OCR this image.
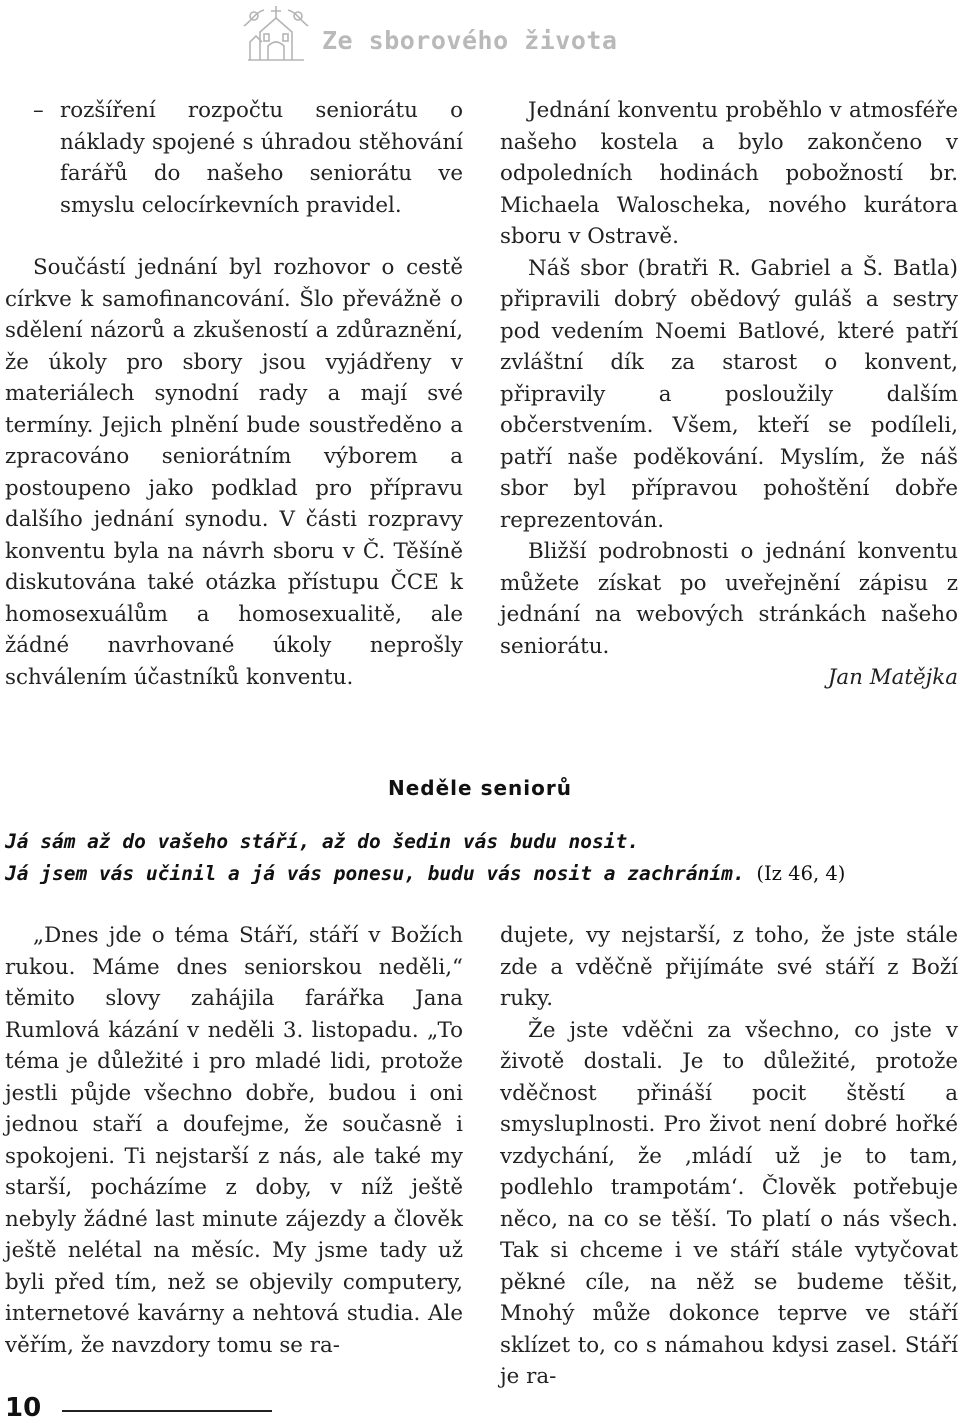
Ze sborového života

– rozšíření rozpočtu seniorátu o náklady spojené s úhradou stěhování farářů do našeho seniorátu ve smyslu celocírkevních pravidel.

Součástí jednání byl rozhovor o cestě církve k samofinancování. Šlo převážně o sdělení názorů a zkušeností a zdůraznění, že úkoly pro sbory jsou vyjádřeny v materiálech synodní rady a mají své termíny. Jejich plnění bude soustředěno a zpracováno seniorátním výborem a postoupeno jako podklad pro přípravu dalšího jednání synodu. V části rozpravy konventu byla na návrh sboru v Č. Těšíně diskutována také otázka přístupu ČCE k homosexuálům a homosexualitě, ale žádné navrhované úkoly neprošly schválením účastníků konventu.

Jednání konventu proběhlo v atmosféře našeho kostela a bylo zakončeno v odpoledních hodinách pobožností br. Michaela Waloscheka, nového kurátora sboru v Ostravě.

Náš sbor (bratři R. Gabriel a Š. Batla) připravili dobrý obědový guláš a sestry pod vedením Noemi Batlové, které patří zvláštní dík za starost o konvent, připravily a posloužily dalším občerstvením. Všem, kteří se podíleli, patří naše poděkování. Myslím, že náš sbor byl přípravou pohoštění dobře reprezentován.

Bližší podrobnosti o jednání konventu můžete získat po uveřejnění zápisu z jednání na webových stránkách našeho seniorátu.

Jan Matějka

Neděle seniorů
Já sám až do vašeho stáří, až do šedin vás budu nosit.
Já jsem vás učinil a já vás ponesu, budu vás nosit a zachráním. (Iz 46, 4)

„Dnes jde o téma Stáří, stáří v Božích rukou. Máme dnes seniorskou neděli,“ těmito slovy zahájila farářka Jana Rumlová kázání v neděli 3. listopadu. „To téma je důležité i pro mladé lidi, protože jestli půjde všechno dobře, budou i oni jednou staří a doufejme, že současně i spokojeni. Ti nejstarší z nás, ale také my starší, pocházíme z doby, v níž ještě nebyly žádné last minute zájezdy a člověk ještě nelétal na měsíc. My jsme tady už byli před tím, než se objevily computery, internetové kavárny a nehtová studia. Ale věřím, že navzdory tomu se ra-

dujete, vy nejstarší, z toho, že jste stále zde a vděčně přijímáte své stáří z Boží ruky.

Že jste vděčni za všechno, co jste v životě dostali. Je to důležité, protože vděčnost přináší pocit štěstí a smysluplnosti. Pro život není dobré hořké vzdychání, že ‚mládí už je to tam, podlehlo trampotám‘. Člověk potřebuje něco, na co se těší. To platí o nás všech. Tak si chceme i ve stáří stále vytyčovat pěkné cíle, na něž se budeme těšit, Mnohý může dokonce teprve ve stáří sklízet to, co s námahou kdysi zasel. Stáří je ra-

10
